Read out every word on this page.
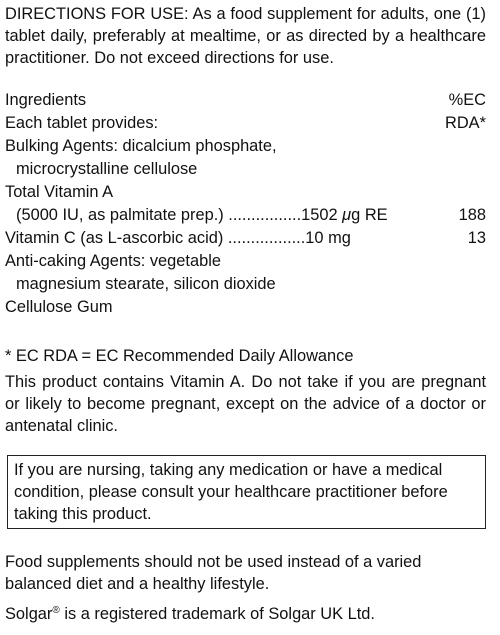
DIRECTIONS FOR USE: As a food supplement for adults, one (1) tablet daily, preferably at mealtime, or as directed by a healthcare practitioner. Do not exceed directions for use.
Ingredients	%EC
Each tablet provides:	RDA*
Bulking Agents: dicalcium phosphate,
microcrystalline cellulose
Total Vitamin A
(5000 IU, as palmitate prep.) ................1502 μg RE	188
Vitamin C (as L-ascorbic acid) .................10 mg	13
Anti-caking Agents: vegetable
magnesium stearate, silicon dioxide
Cellulose Gum
* EC RDA = EC Recommended Daily Allowance
This product contains Vitamin A. Do not take if you are pregnant or likely to become pregnant, except on the advice of a doctor or antenatal clinic.
If you are nursing, taking any medication or have a medical condition, please consult your healthcare practitioner before taking this product.
Food supplements should not be used instead of a varied balanced diet and a healthy lifestyle.
Solgar® is a registered trademark of Solgar UK Ltd.
